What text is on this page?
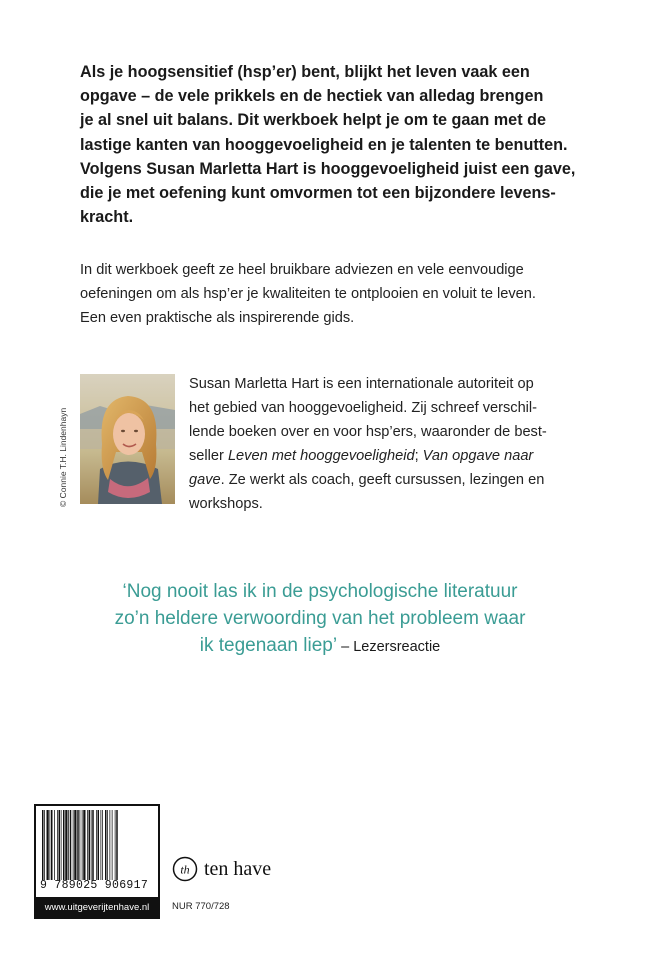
Als je hoogsensitief (hsp’er) bent, blijkt het leven vaak een
opgave – de vele prikkels en de hectiek van alledag brengen
je al snel uit balans. Dit werkboek helpt je om te gaan met de
lastige kanten van hooggevoeligheid en je talenten te benutten.
Volgens Susan Marletta Hart is hooggevoeligheid juist een gave,
die je met oefening kunt omvormen tot een bijzondere levens-
kracht.
In dit werkboek geeft ze heel bruikbare adviezen en vele eenvoudige
oefeningen om als hsp’er je kwaliteiten te ontplooien en voluit te leven.
Een even praktische als inspirerende gids.
© Connie T.H. Lindenhayn
Susan Marletta Hart is een internationale autoriteit op
het gebied van hooggevoeligheid. Zij schreef verschil-
lende boeken over en voor hsp’ers, waaronder de best-
seller Leven met hooggevoeligheid; Van opgave naar
gave. Ze werkt als coach, geeft cursussen, lezingen en
workshops.
‘Nog nooit las ik in de psychologische literatuur
zo’n heldere verwoording van het probleem waar
ik tegenaan liep’ – Lezersreactie
9 789025 906917
www.uitgeverijtenhave.nl
th ten have
NUR 770/728
